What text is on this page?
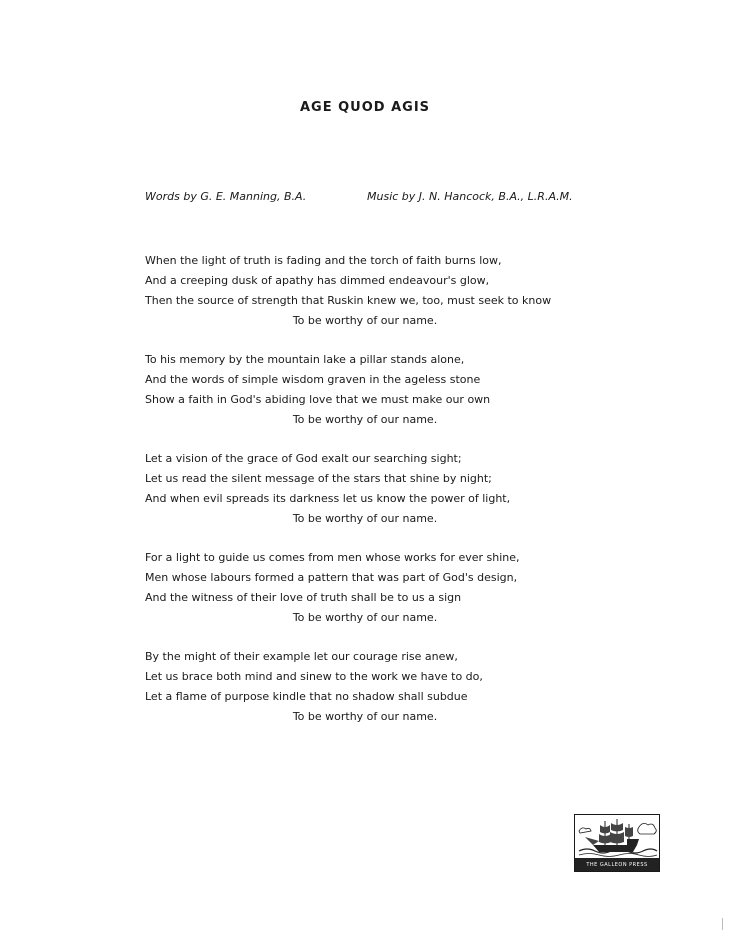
AGE QUOD AGIS
Words by G. E. Manning, B.A.	Music by J. N. Hancock, B.A., L.R.A.M.
When the light of truth is fading and the torch of faith burns low,
And a creeping dusk of apathy has dimmed endeavour's glow,
Then the source of strength that Ruskin knew we, too, must seek to know
To be worthy of our name.
To his memory by the mountain lake a pillar stands alone,
And the words of simple wisdom graven in the ageless stone
Show a faith in God's abiding love that we must make our own
To be worthy of our name.
Let a vision of the grace of God exalt our searching sight;
Let us read the silent message of the stars that shine by night;
And when evil spreads its darkness let us know the power of light,
To be worthy of our name.
For a light to guide us comes from men whose works for ever shine,
Men whose labours formed a pattern that was part of God's design,
And the witness of their love of truth shall be to us a sign
To be worthy of our name.
By the might of their example let our courage rise anew,
Let us brace both mind and sinew to the work we have to do,
Let a flame of purpose kindle that no shadow shall subdue
To be worthy of our name.
THE GALLEON PRESS
